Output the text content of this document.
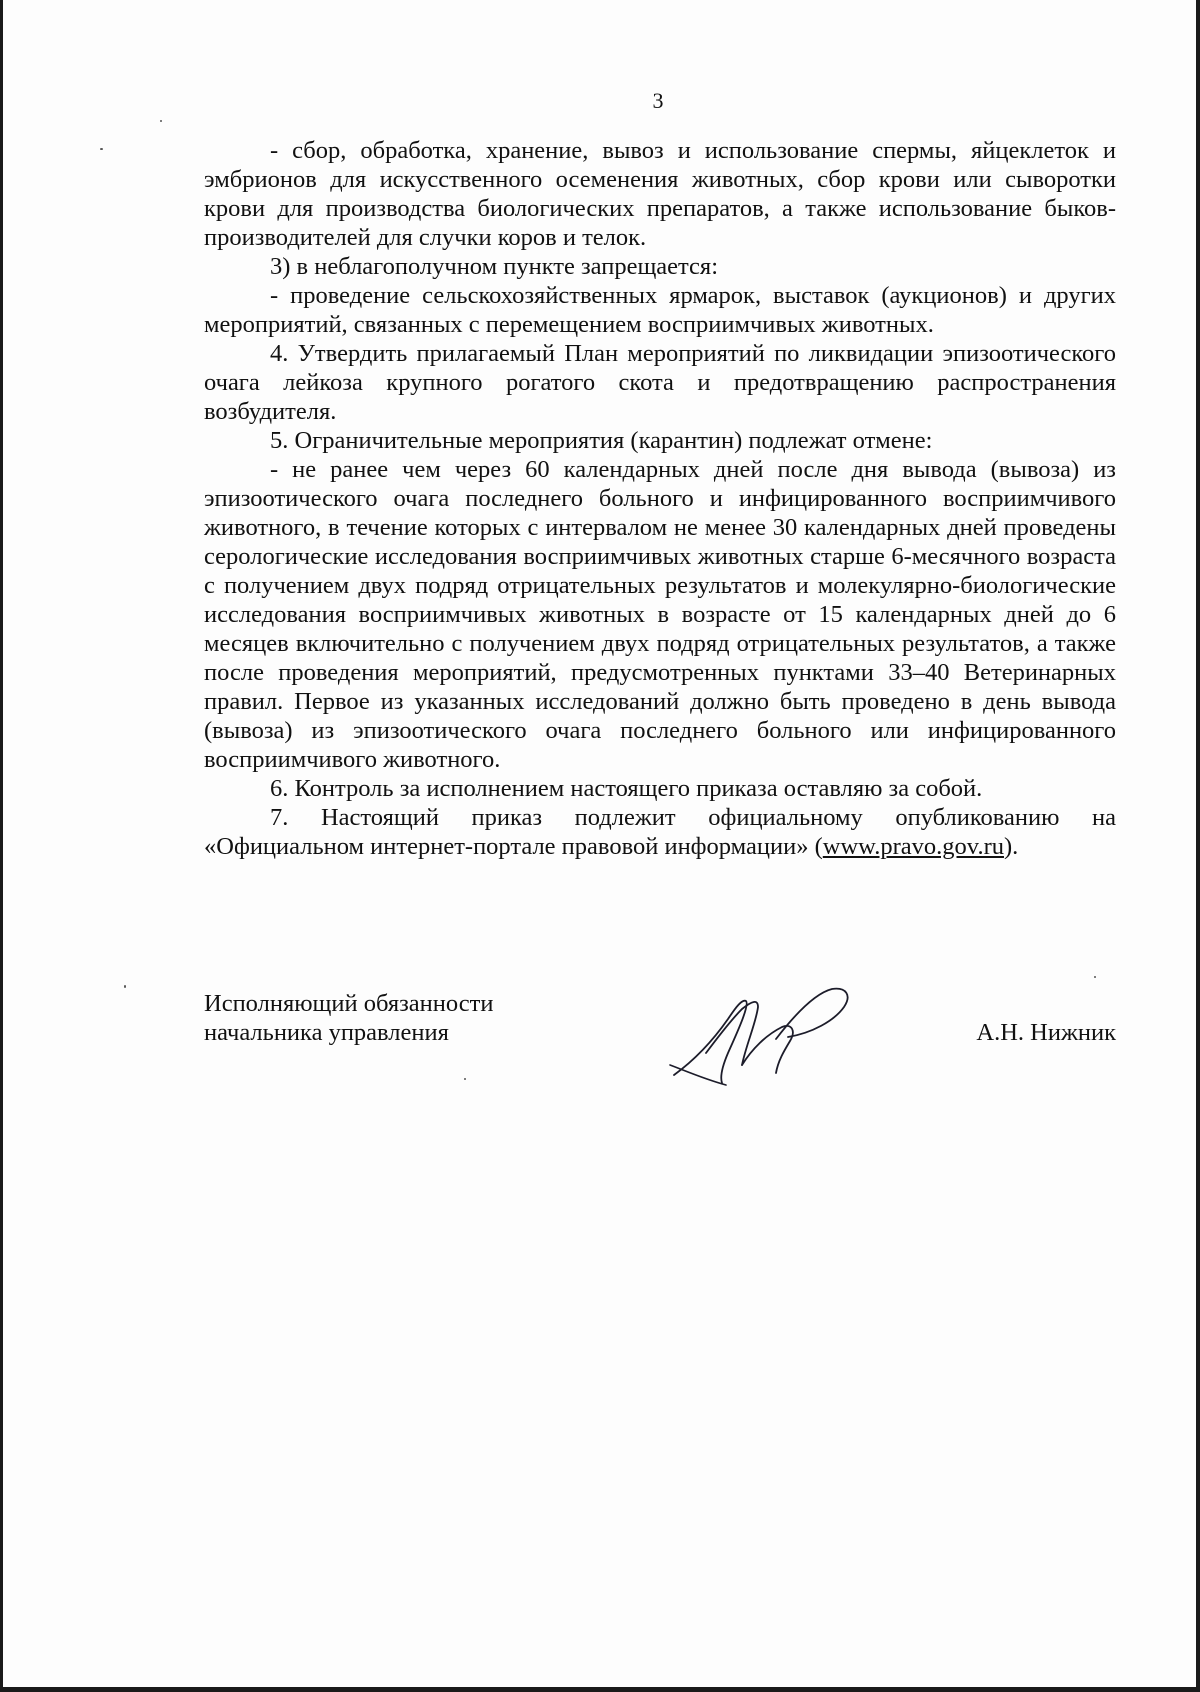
3

- сбор, обработка, хранение, вывоз и использование спермы, яйцеклеток и эмбрионов для искусственного осеменения животных, сбор крови или сыворотки крови для производства биологических препаратов, а также использование быков-производителей для случки коров и телок.

3) в неблагополучном пункте запрещается:

- проведение сельскохозяйственных ярмарок, выставок (аукционов) и других мероприятий, связанных с перемещением восприимчивых животных.

4. Утвердить прилагаемый План мероприятий по ликвидации эпизоотического очага лейкоза крупного рогатого скота и предотвращению распространения возбудителя.

5. Ограничительные мероприятия (карантин) подлежат отмене:

- не ранее чем через 60 календарных дней после дня вывода (вывоза) из эпизоотического очага последнего больного и инфицированного восприимчивого животного, в течение которых с интервалом не менее 30 календарных дней проведены серологические исследования восприимчивых животных старше 6-месячного возраста с получением двух подряд отрицательных результатов и молекулярно-биологические исследования восприимчивых животных в возрасте от 15 календарных дней до 6 месяцев включительно с получением двух подряд отрицательных результатов, а также после проведения мероприятий, предусмотренных пунктами 33–40 Ветеринарных правил. Первое из указанных исследований должно быть проведено в день вывода (вывоза) из эпизоотического очага последнего больного или инфицированного восприимчивого животного.

6. Контроль за исполнением настоящего приказа оставляю за собой.

7. Настоящий приказ подлежит официальному опубликованию на «Официальном интернет-портале правовой информации» (www.pravo.gov.ru).

Исполняющий обязанности
начальника управления	А.Н. Нижник
